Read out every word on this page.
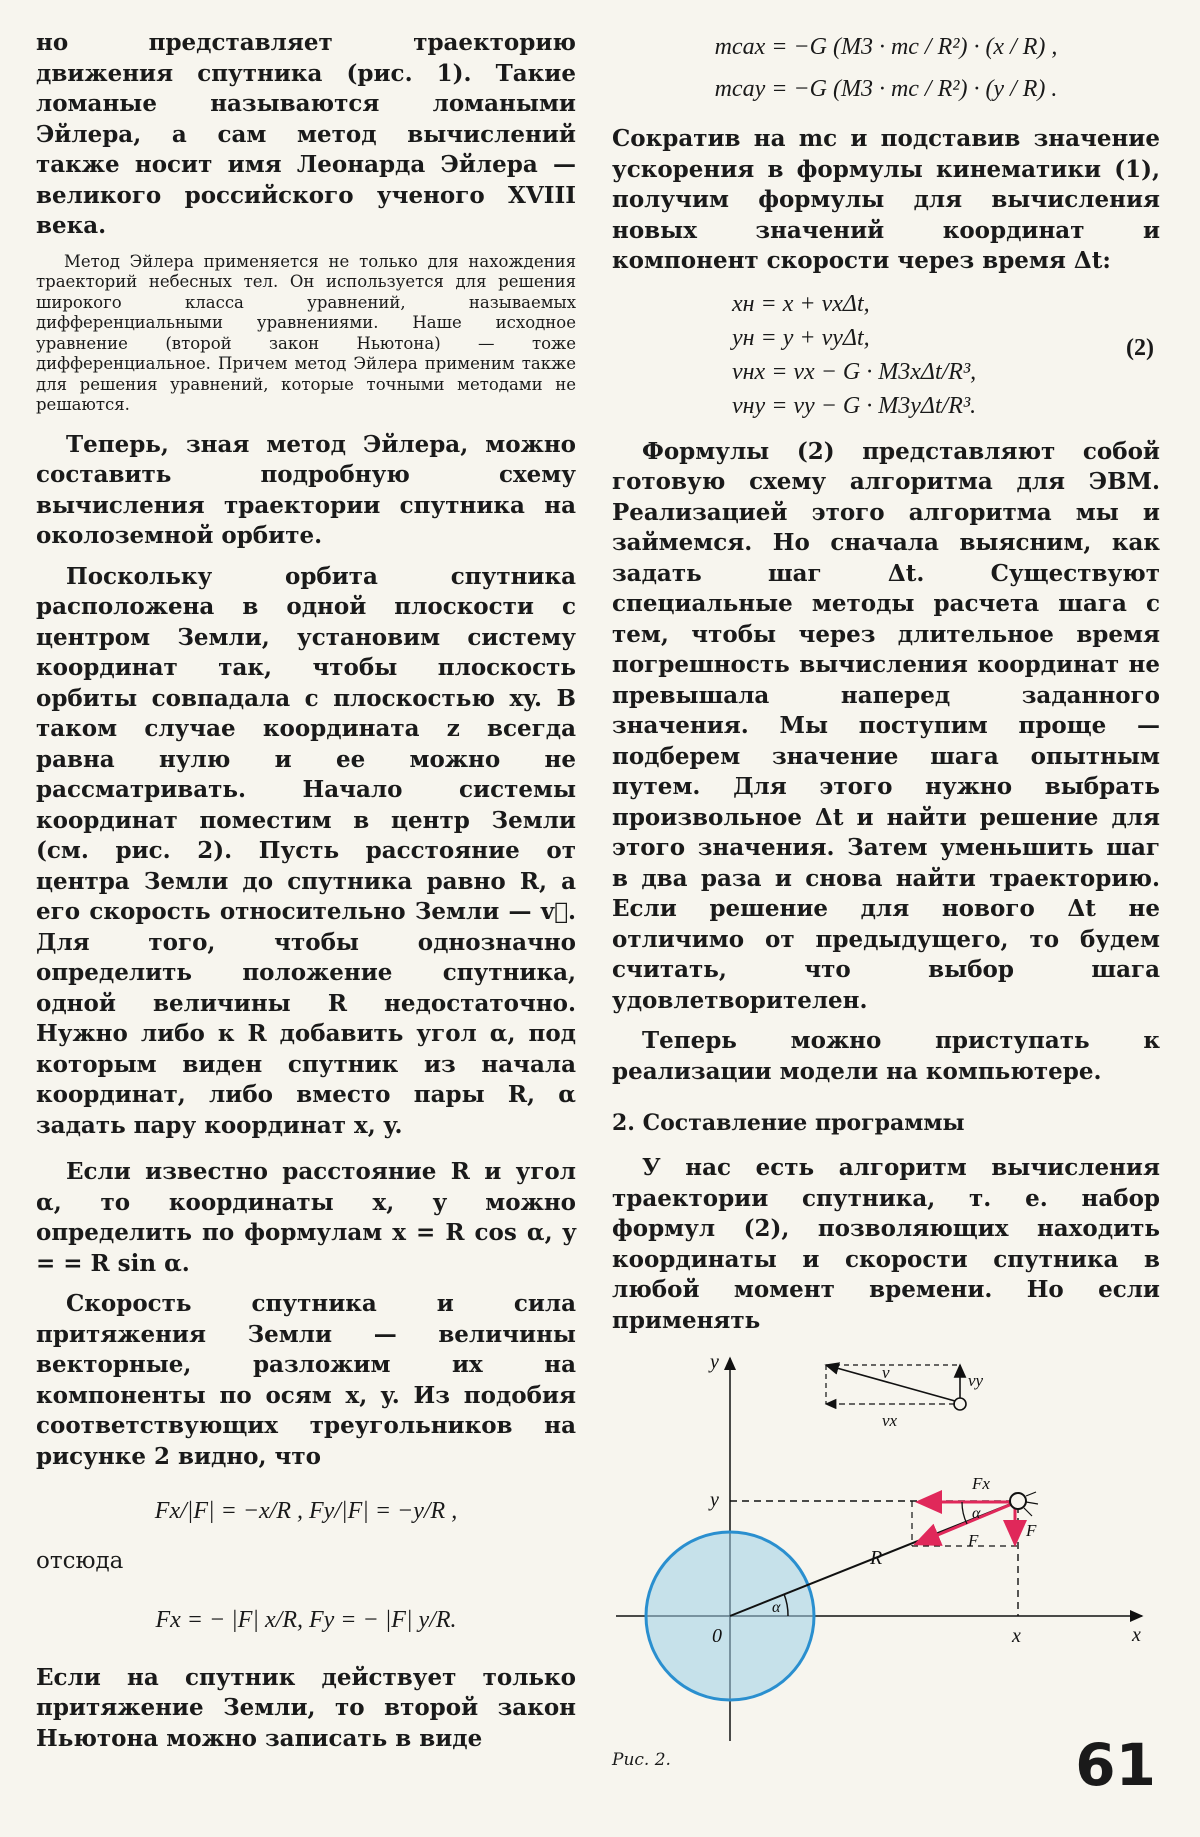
но представляет траекторию движения спутника (рис. 1). Такие ломаные называются ломаными Эйлера, а сам метод вычислений также носит имя Леонарда Эйлера — великого российского ученого XVIII века.

Метод Эйлера применяется не только для нахождения траекторий небесных тел. Он используется для решения широкого класса уравнений, называемых дифференциальными уравнениями. Наше исходное уравнение (второй закон Ньютона) — тоже дифференциальное. Причем метод Эйлера применим также для решения уравнений, которые точными методами не решаются.

Теперь, зная метод Эйлера, можно составить подробную схему вычисления траектории спутника на околоземной орбите.

Поскольку орбита спутника расположена в одной плоскости с центром Земли, установим систему координат так, чтобы плоскость орбиты совпадала с плоскостью xy. В таком случае координата z всегда равна нулю и ее можно не рассматривать. Начало системы координат поместим в центр Земли (см. рис. 2). Пусть расстояние от центра Земли до спутника равно R, а его скорость относительно Земли — v⃗. Для того, чтобы однозначно определить положение спутника, одной величины R недостаточно. Нужно либо к R добавить угол α, под которым виден спутник из начала координат, либо вместо пары R, α задать пару координат x, y.

Если известно расстояние R и угол α, то координаты x, y можно определить по формулам x = R cos α, y = = R sin α.

Скорость спутника и сила притяжения Земли — величины векторные, разложим их на компоненты по осям x, y. Из подобия соответствующих треугольников на рисунке 2 видно, что

Fx/|F| = −x/R , Fy/|F| = −y/R ,

отсюда

Fx = − |F| x/R, Fy = − |F| y/R.

Если на спутник действует только притяжение Земли, то второй закон Ньютона можно записать в виде

mcax = −G (M3 · mc / R²) · (x / R) ,
mcay = −G (M3 · mc / R²) · (y / R) .

Сократив на mc и подставив значение ускорения в формулы кинематики (1), получим формулы для вычисления новых значений координат и компонент скорости через время Δt:

xн = x + vxΔt,
yн = y + vyΔt,
vнx = vx − G · M3xΔt/R³,
vнy = vy − G · M3yΔt/R³.
(2)

Формулы (2) представляют собой готовую схему алгоритма для ЭВМ. Реализацией этого алгоритма мы и займемся. Но сначала выясним, как задать шаг Δt. Существуют специальные методы расчета шага с тем, чтобы через длительное время погрешность вычисления координат не превышала наперед заданного значения. Мы поступим проще — подберем значение шага опытным путем. Для этого нужно выбрать произвольное Δt и найти решение для этого значения. Затем уменьшить шаг в два раза и снова найти траекторию. Если решение для нового Δt не отличимо от предыдущего, то будем считать, что выбор шага удовлетворителен.

Теперь можно приступать к реализации модели на компьютере.

2. Составление программы

У нас есть алгоритм вычисления траектории спутника, т. е. набор формул (2), позволяющих находить координаты и скорости спутника в любой момент времени. Но если применять

y
x
0
y
x
R
α
α
F
Fx
F
v
vx
vy
Рис. 2.	61
